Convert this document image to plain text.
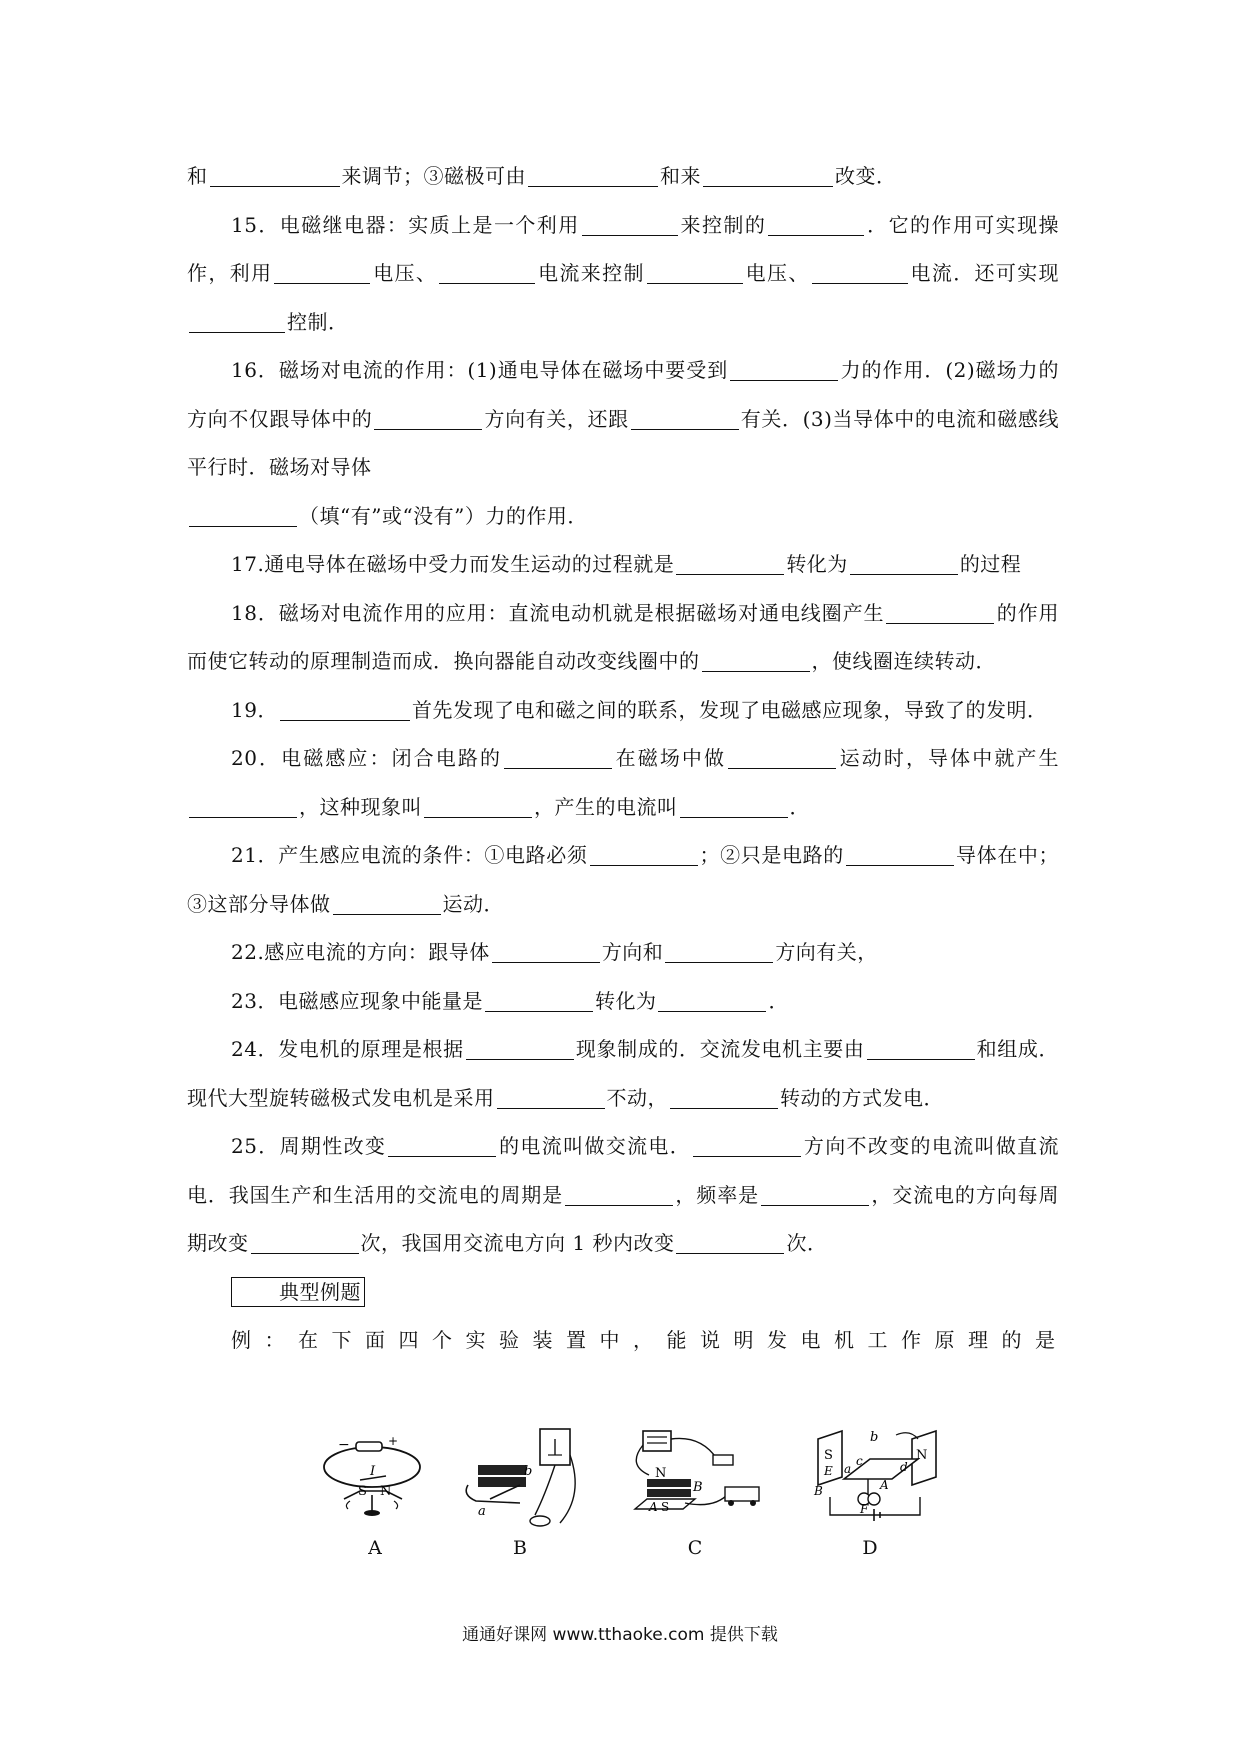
和	来调节；③磁极可由	和来	改变．

15．电磁继电器：实质上是一个利用	来控制的	．它的作用可实现操作，利用	电压、	电流来控制	电压、	电流．还可实现控制．

16．磁场对电流的作用：(1)通电导体在磁场中要受到	力的作用．(2)磁场力的方向不仅跟导体中的	方向有关，还跟	有关．(3)当导体中的电流和磁感线平行时．磁场对导体

（填“有”或“没有”）力的作用．

17.通电导体在磁场中受力而发生运动的过程就是	转化为	的过程

18．磁场对电流作用的应用：直流电动机就是根据磁场对通电线圈产生	的作用而使它转动的原理制造而成．换向器能自动改变线圈中的	，使线圈连续转动．

19．	首先发现了电和磁之间的联系，发现了电磁感应现象，导致了的发明．

20．电磁感应：闭合电路的	在磁场中做	运动时，导体中就产生，这种现象叫	，产生的电流叫	．

21．产生感应电流的条件：①电路必须	；②只是电路的	导体在中；③这部分导体做	运动．

22.感应电流的方向：跟导体	方向和	方向有关，

23．电磁感应现象中能量是	转化为	．

24．发电机的原理是根据	现象制成的．交流发电机主要由	和组成．现代大型旋转磁极式发电机是采用	不动，	转动的方式发电．

25．周期性改变	的电流叫做交流电．	方向不改变的电流叫做直流电．我国生产和生活用的交流电的周期是	，频率是	，交流电的方向每周期改变	次，我国用交流电方向 1 秒内改变	次．

典型例题

例：在下面四个实验装置中，能说明发电机工作原理的是

−	+
I
S N
A
a
b
B
N
B
A S
C
b
S
E a
c	d
N
B	A
F
D
通通好课网 www.tthaoke.com 提供下载
